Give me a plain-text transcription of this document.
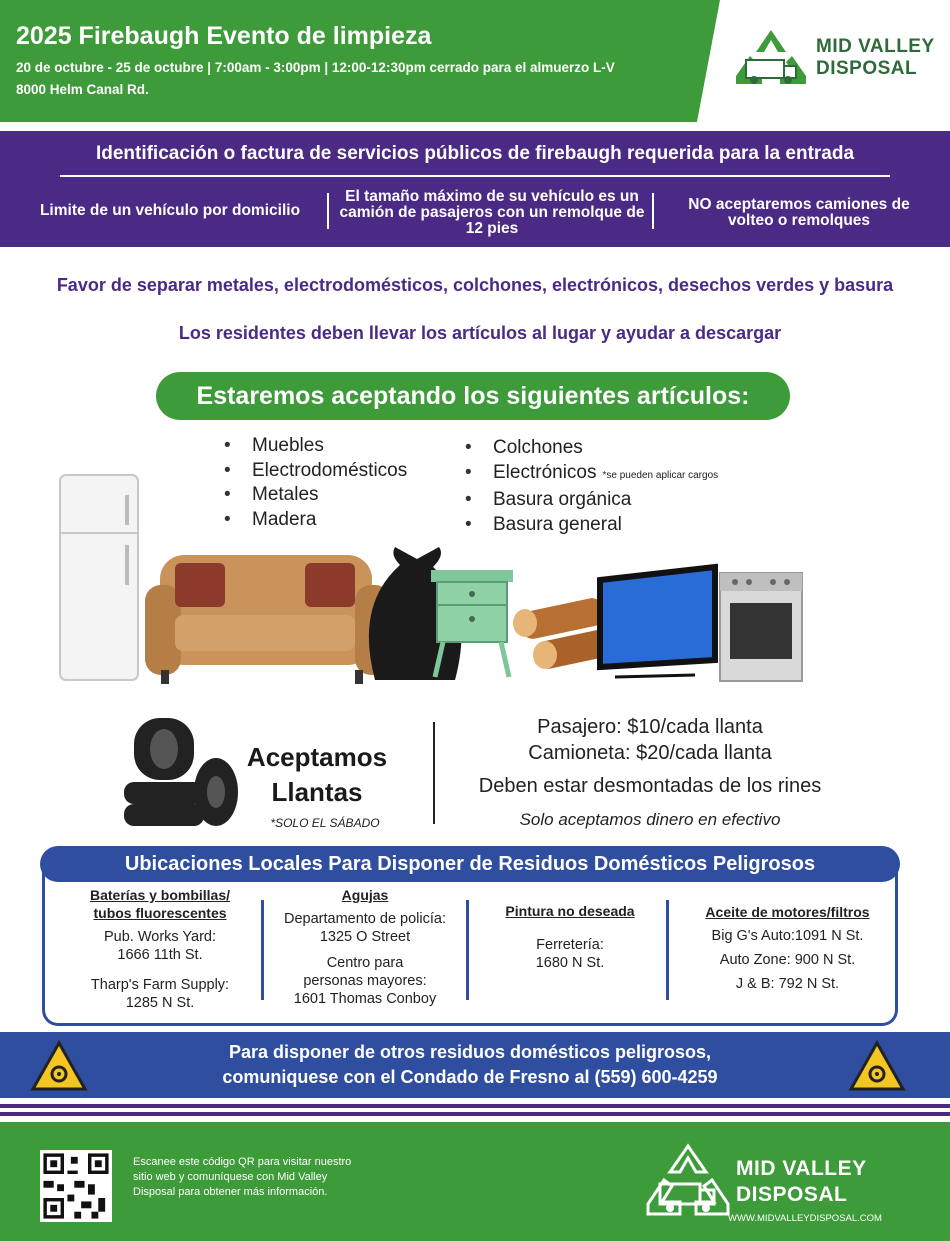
2025 Firebaugh Evento de limpieza
20 de octubre - 25 de octubre | 7:00am - 3:00pm | 12:00-12:30pm cerrado para el almuerzo L-V
8000 Helm Canal Rd.
MID VALLEY
DISPOSAL
Identificación o factura de servicios públicos de firebaugh requerida para la entrada
Limite de un vehículo por domicilio
El tamaño máximo de su vehículo es un camión de pasajeros con un remolque de 12 pies
NO aceptaremos camiones de volteo o remolques
Favor de separar metales, electrodomésticos, colchones, electrónicos, desechos verdes y basura
Los residentes deben llevar los artículos al lugar y ayudar a descargar
Estaremos aceptando los siguientes artículos:
• Muebles
• Electrodomésticos
• Metales
• Madera
• Colchones
• Electrónicos *se pueden aplicar cargos
• Basura orgánica
• Basura general
Aceptamos
Llantas
*SOLO EL SÁBADO
Pasajero: $10/cada llanta
Camioneta: $20/cada llanta
Deben estar desmontadas de los rines
Solo aceptamos dinero en efectivo
Ubicaciones Locales Para Disponer de Residuos Domésticos Peligrosos
Baterías y bombillas/
tubos fluorescentes
Pub. Works Yard:
1666 11th St.
Tharp's Farm Supply:
1285 N St.
Agujas
Departamento de policía:
1325 O Street
Centro para
personas mayores:
1601 Thomas Conboy
Pintura no deseada
Ferretería:
1680 N St.
Aceite de motores/filtros
Big G's Auto:1091 N St.
Auto Zone: 900 N St.
J & B: 792 N St.
Para disponer de otros residuos domésticos peligrosos,
comuniquese con el Condado de Fresno al (559) 600-4259
Escanee este código QR para visitar nuestro sitio web y comuníquese con Mid Valley Disposal para obtener más información.
MID VALLEY
DISPOSAL
WWW.MIDVALLEYDISPOSAL.COM
